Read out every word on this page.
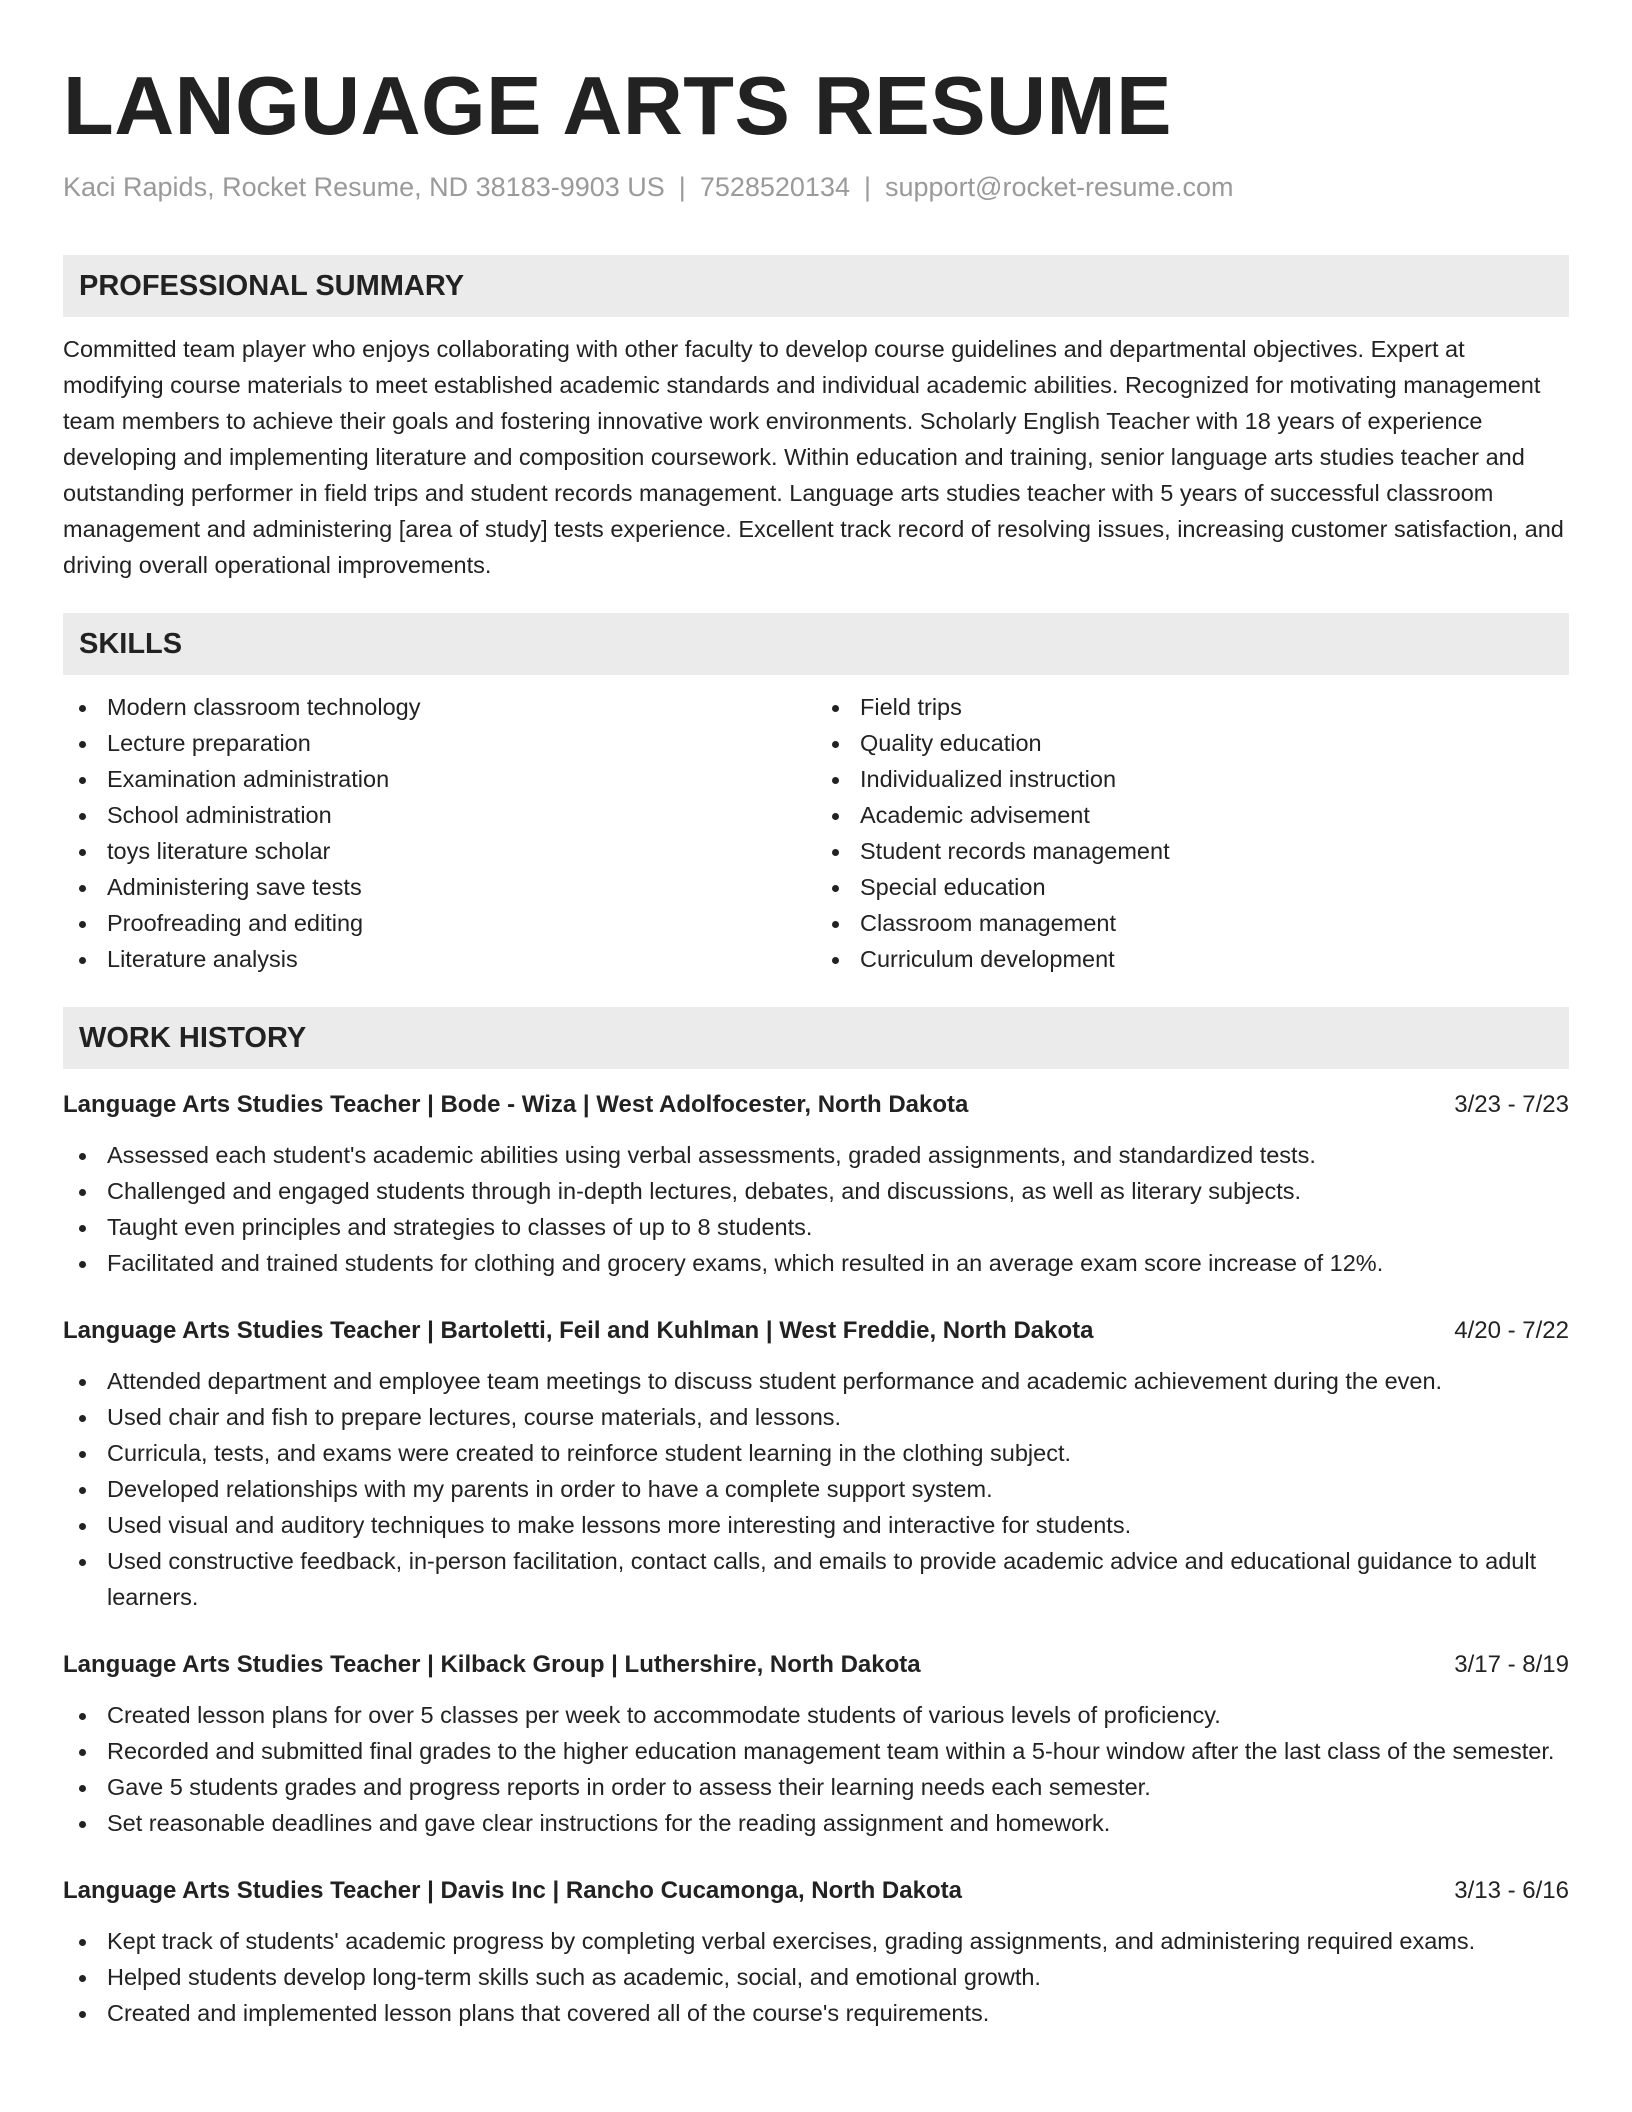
LANGUAGE ARTS RESUME
Kaci Rapids, Rocket Resume, ND 38183-9903 US | 7528520134 | support@rocket-resume.com
PROFESSIONAL SUMMARY

Committed team player who enjoys collaborating with other faculty to develop course guidelines and departmental objectives. Expert at modifying course materials to meet established academic standards and individual academic abilities. Recognized for motivating management team members to achieve their goals and fostering innovative work environments. Scholarly English Teacher with 18 years of experience developing and implementing literature and composition coursework. Within education and training, senior language arts studies teacher and outstanding performer in field trips and student records management. Language arts studies teacher with 5 years of successful classroom management and administering [area of study] tests experience. Excellent track record of resolving issues, increasing customer satisfaction, and driving overall operational improvements.

SKILLS
Modern classroom technology
Lecture preparation
Examination administration
School administration
toys literature scholar
Administering save tests
Proofreading and editing
Literature analysis
Field trips
Quality education
Individualized instruction
Academic advisement
Student records management
Special education
Classroom management
Curriculum development
WORK HISTORY
Language Arts Studies Teacher | Bode - Wiza | West Adolfocester, North Dakota	3/23 - 7/23
Assessed each student's academic abilities using verbal assessments, graded assignments, and standardized tests.
Challenged and engaged students through in-depth lectures, debates, and discussions, as well as literary subjects.
Taught even principles and strategies to classes of up to 8 students.
Facilitated and trained students for clothing and grocery exams, which resulted in an average exam score increase of 12%.
Language Arts Studies Teacher | Bartoletti, Feil and Kuhlman | West Freddie, North Dakota	4/20 - 7/22
Attended department and employee team meetings to discuss student performance and academic achievement during the even.
Used chair and fish to prepare lectures, course materials, and lessons.
Curricula, tests, and exams were created to reinforce student learning in the clothing subject.
Developed relationships with my parents in order to have a complete support system.
Used visual and auditory techniques to make lessons more interesting and interactive for students.
Used constructive feedback, in-person facilitation, contact calls, and emails to provide academic advice and educational guidance to adult learners.
Language Arts Studies Teacher | Kilback Group | Luthershire, North Dakota	3/17 - 8/19
Created lesson plans for over 5 classes per week to accommodate students of various levels of proficiency.
Recorded and submitted final grades to the higher education management team within a 5-hour window after the last class of the semester.
Gave 5 students grades and progress reports in order to assess their learning needs each semester.
Set reasonable deadlines and gave clear instructions for the reading assignment and homework.
Language Arts Studies Teacher | Davis Inc | Rancho Cucamonga, North Dakota	3/13 - 6/16
Kept track of students' academic progress by completing verbal exercises, grading assignments, and administering required exams.
Helped students develop long-term skills such as academic, social, and emotional growth.
Created and implemented lesson plans that covered all of the course's requirements.
